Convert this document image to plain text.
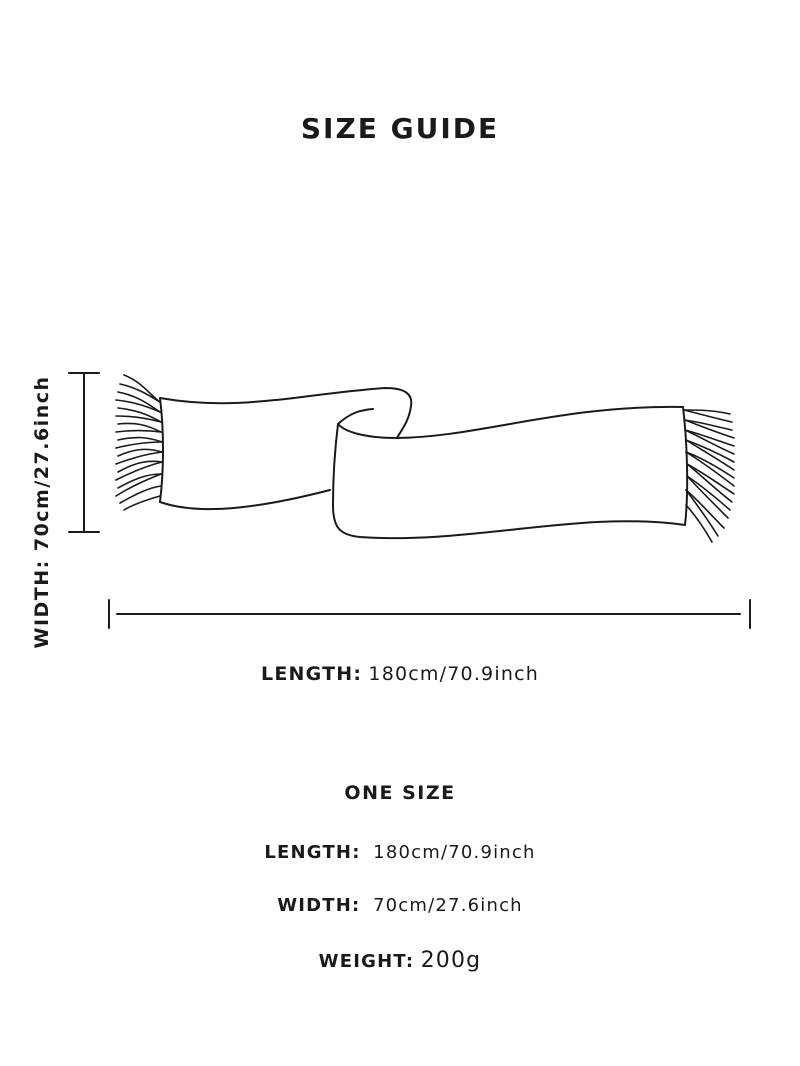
SIZE GUIDE
WIDTH: 70cm/27.6inch
LENGTH: 180cm/70.9inch
ONE SIZE
LENGTH: 180cm/70.9inch
WIDTH: 70cm/27.6inch
WEIGHT: 200g
